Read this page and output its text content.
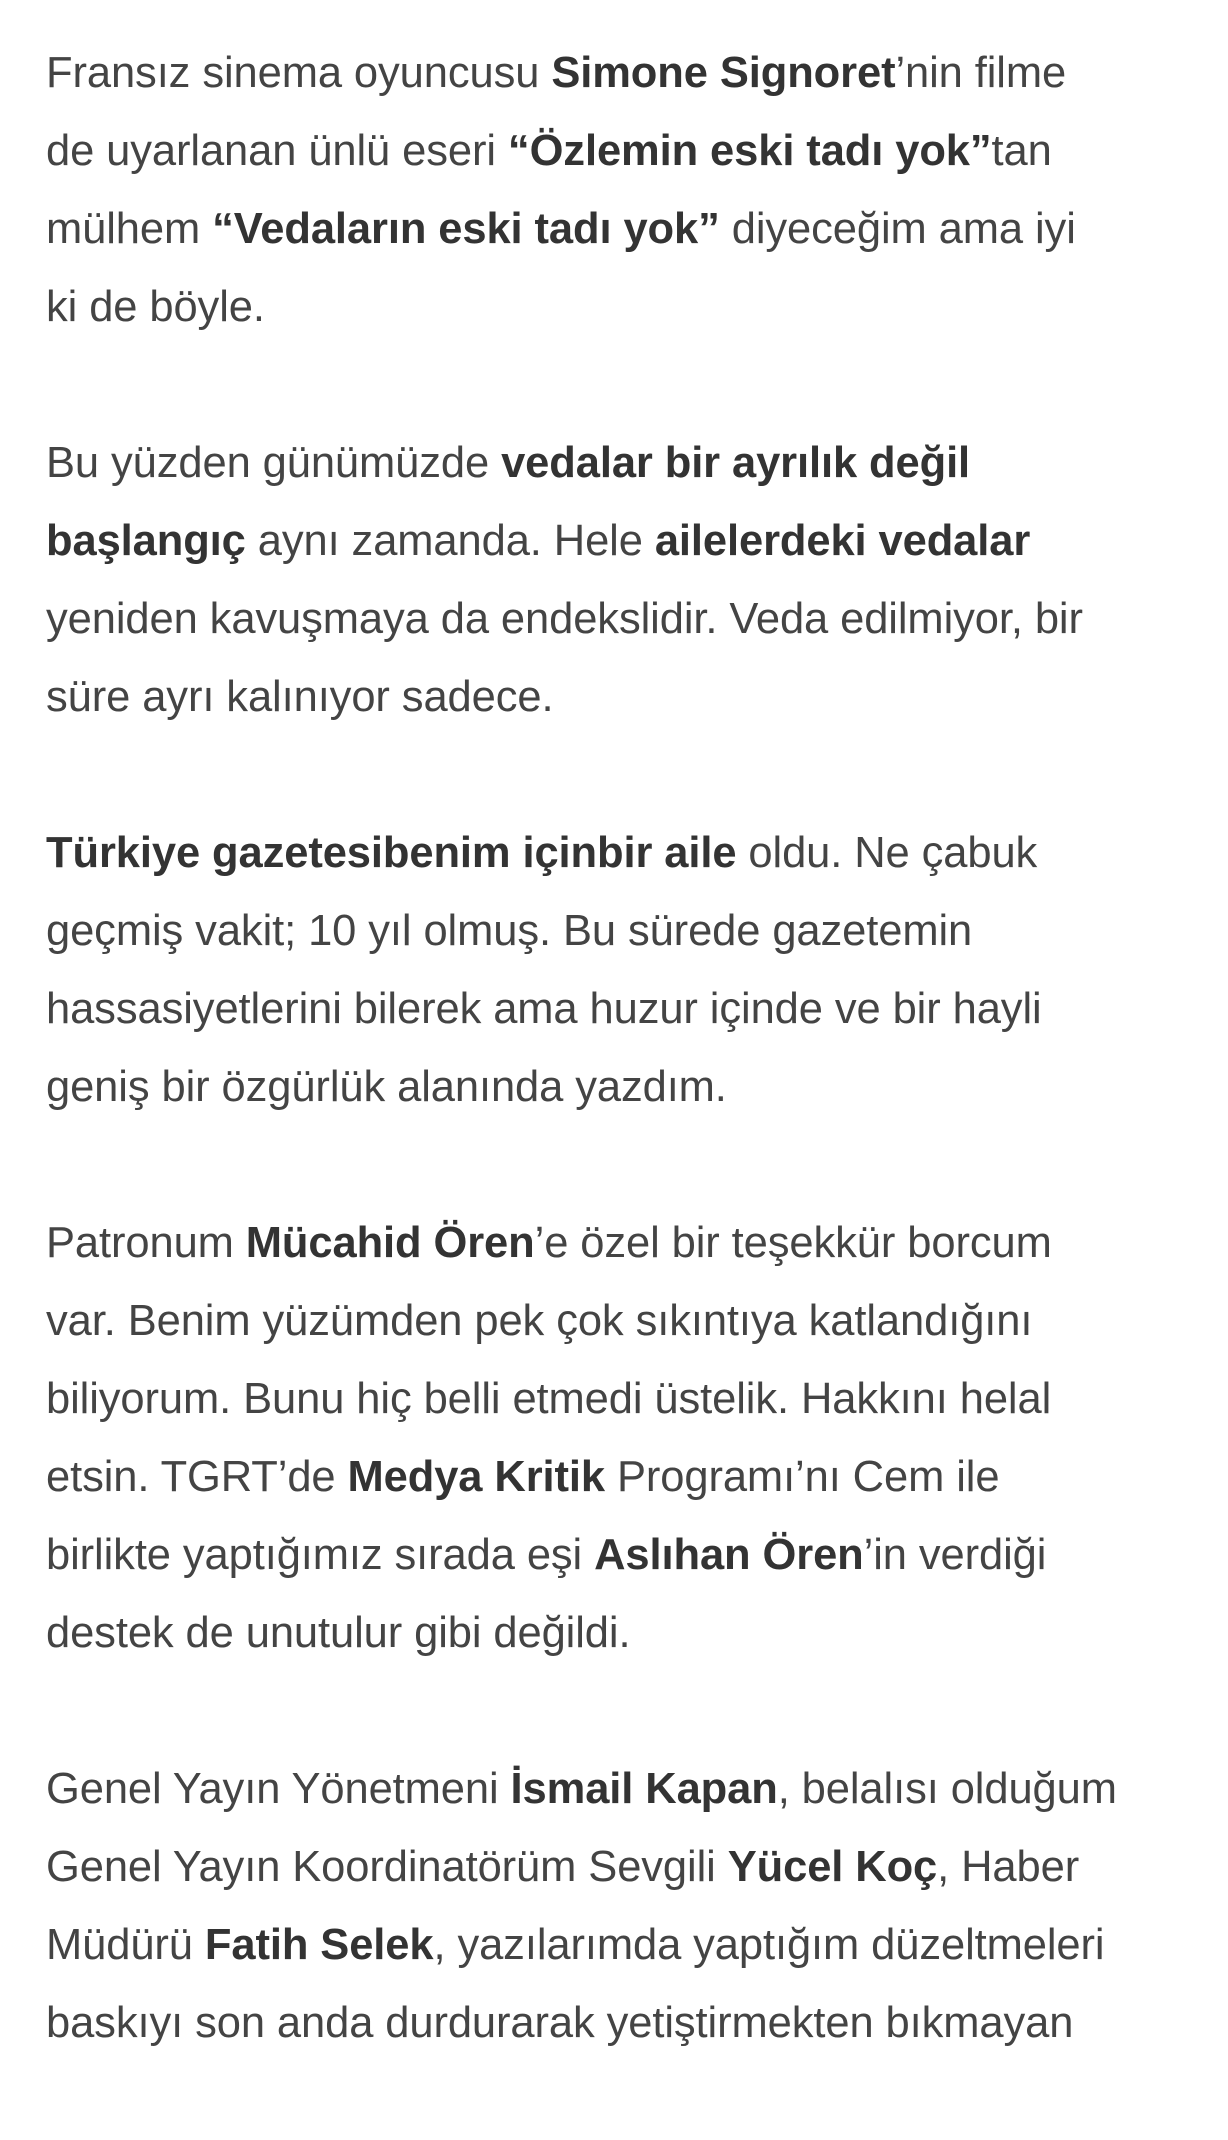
Fransız sinema oyuncusu Simone Signoret’nin filme
de uyarlanan ünlü eseri “Özlemin eski tadı yok”tan
mülhem “Vedaların eski tadı yok” diyeceğim ama iyi
ki de böyle.

Bu yüzden günümüzde vedalar bir ayrılık değil
başlangıç aynı zamanda. Hele ailelerdeki vedalar
yeniden kavuşmaya da endekslidir. Veda edilmiyor, bir
süre ayrı kalınıyor sadece.

Türkiye gazetesibenim içinbir aile oldu. Ne çabuk
geçmiş vakit; 10 yıl olmuş. Bu sürede gazetemin
hassasiyetlerini bilerek ama huzur içinde ve bir hayli
geniş bir özgürlük alanında yazdım.

Patronum Mücahid Ören’e özel bir teşekkür borcum
var. Benim yüzümden pek çok sıkıntıya katlandığını
biliyorum. Bunu hiç belli etmedi üstelik. Hakkını helal
etsin. TGRT’de Medya Kritik Programı’nı Cem ile
birlikte yaptığımız sırada eşi Aslıhan Ören’in verdiği
destek de unutulur gibi değildi.

Genel Yayın Yönetmeni İsmail Kapan, belalısı olduğum
Genel Yayın Koordinatörüm Sevgili Yücel Koç, Haber
Müdürü Fatih Selek, yazılarımda yaptığım düzeltmeleri
baskıyı son anda durdurarak yetiştirmekten bıkmayan
